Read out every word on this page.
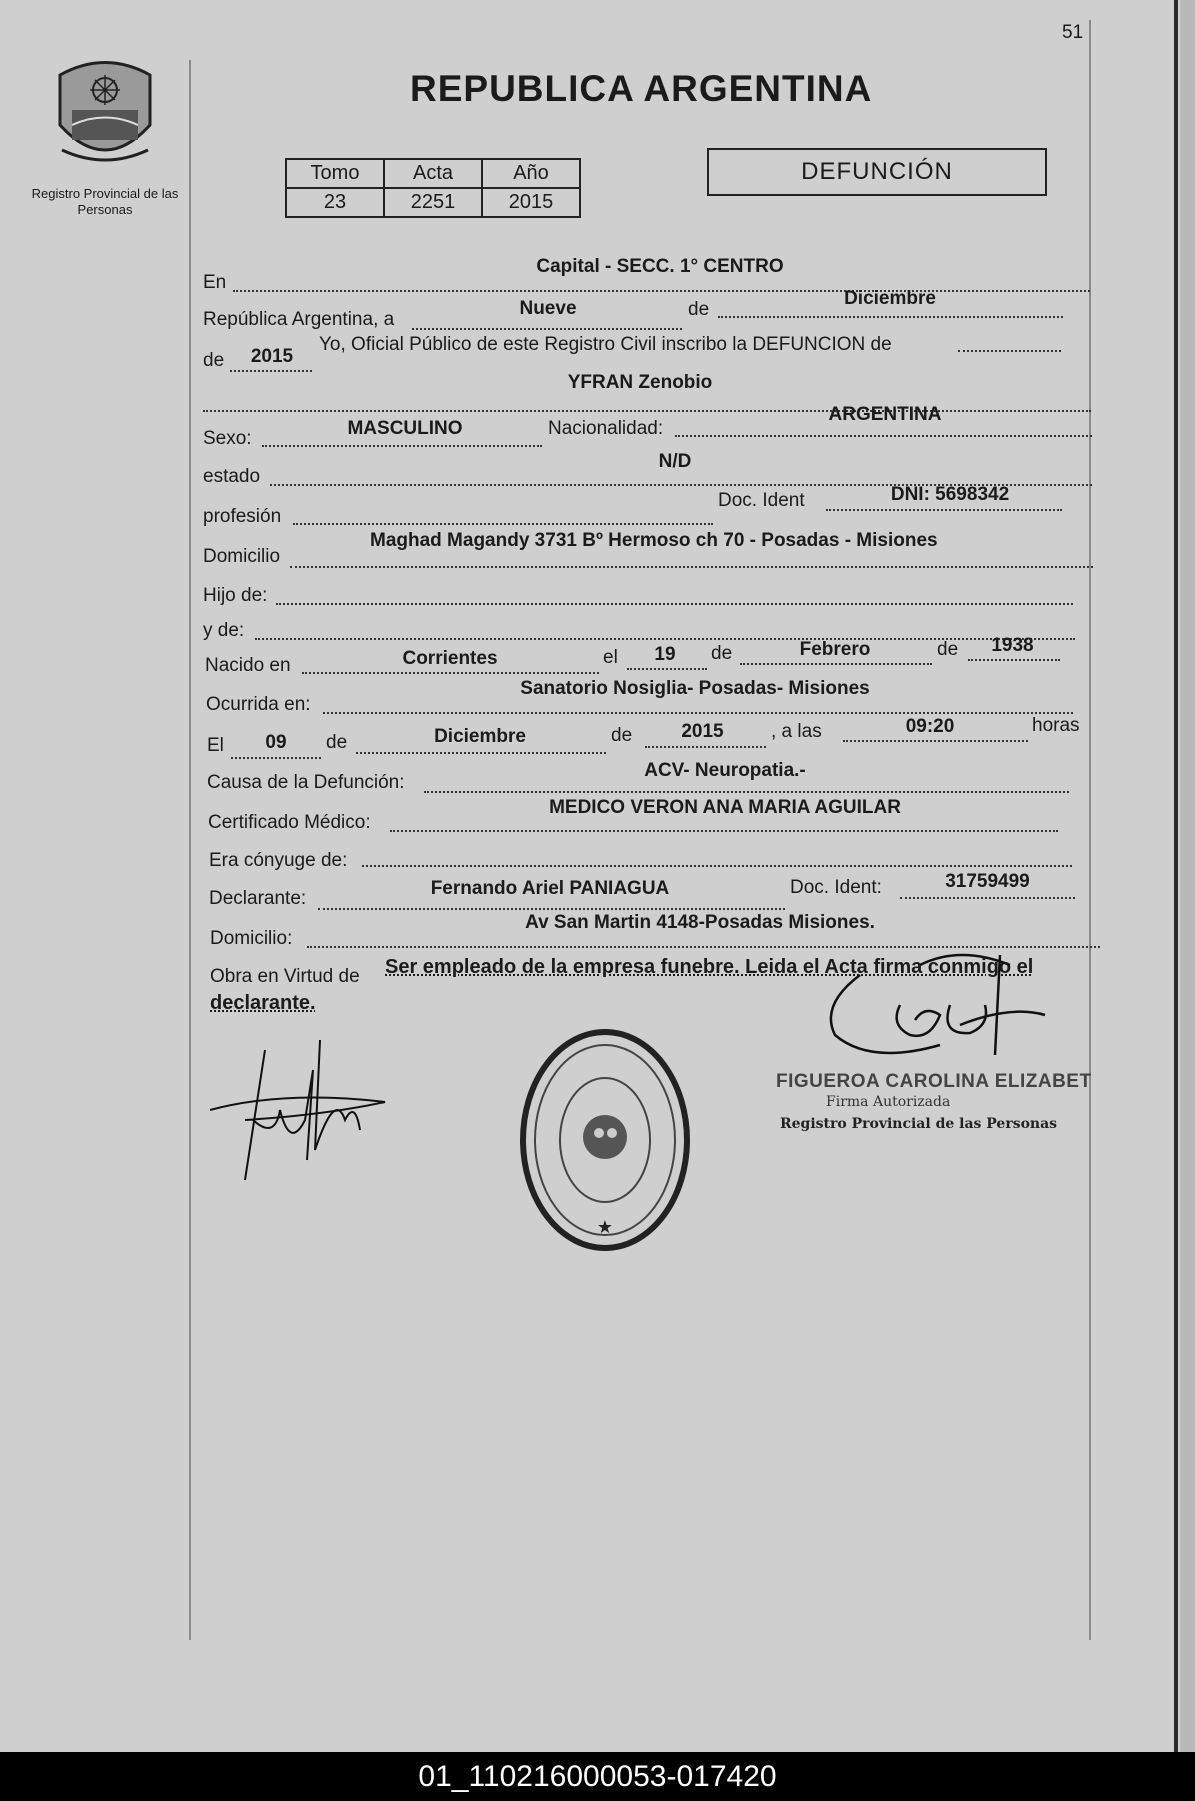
51
Registro Provincial de las Personas
REPUBLICA ARGENTINA
Tomo	Acta	Año
23	2251	2015
DEFUNCIÓN
En
Capital - SECC. 1° CENTRO
República Argentina, a
Nueve	de
Diciembre
de	2015
Yo, Oficial Público de este Registro Civil inscribo la DEFUNCION de
YFRAN Zenobio
Sexo:	MASCULINO	Nacionalidad:
ARGENTINA
estado
N/D
profesión
Doc. Ident	DNI: 5698342
Domicilio
Maghad Magandy 3731 Bº Hermoso ch 70 - Posadas - Misiones
Hijo de:
y de:
Nacido en	Corrientes	el	19	de	Febrero	de	1938
Ocurrida en:
Sanatorio Nosiglia- Posadas- Misiones
El	09	de	Diciembre	de	2015	, a las	09:20	horas
Causa de la Defunción:
ACV- Neuropatia.-
Certificado Médico:
MEDICO VERON ANA MARIA AGUILAR
Era cónyuge de:
Declarante:	Fernando Ariel PANIAGUA	Doc. Ident:	31759499
Domicilio:
Av San Martin 4148-Posadas Misiones.
Obra en Virtud de Ser empleado de la empresa funebre. Leida el Acta firma conmigo el
declarante.
FIGUEROA CAROLINA ELIZABET
Firma Autorizada
Registro Provincial de las Personas
★
01_110216000053-017420
